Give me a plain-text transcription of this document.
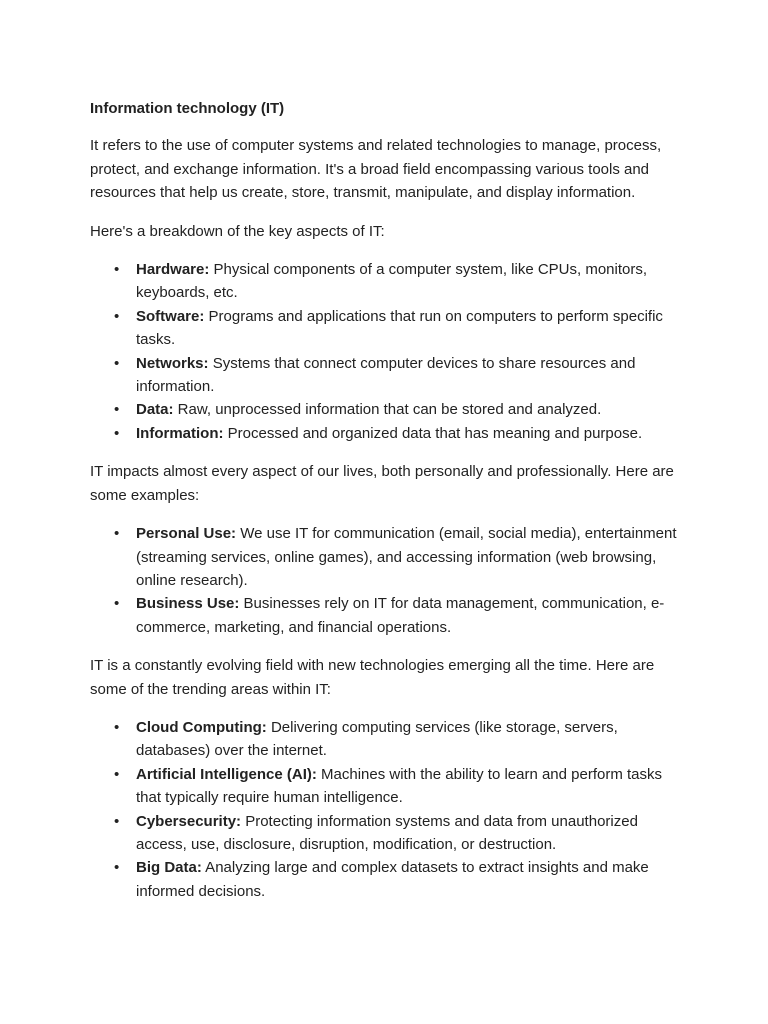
Information technology (IT)

It refers to the use of computer systems and related technologies to manage, process, protect, and exchange information. It's a broad field encompassing various tools and resources that help us create, store, transmit, manipulate, and display information.

Here's a breakdown of the key aspects of IT:

• Hardware: Physical components of a computer system, like CPUs, monitors, keyboards, etc.
• Software: Programs and applications that run on computers to perform specific tasks.
• Networks: Systems that connect computer devices to share resources and information.
• Data: Raw, unprocessed information that can be stored and analyzed.
• Information: Processed and organized data that has meaning and purpose.

IT impacts almost every aspect of our lives, both personally and professionally. Here are some examples:

• Personal Use: We use IT for communication (email, social media), entertainment (streaming services, online games), and accessing information (web browsing, online research).
• Business Use: Businesses rely on IT for data management, communication, e-commerce, marketing, and financial operations.

IT is a constantly evolving field with new technologies emerging all the time. Here are some of the trending areas within IT:

• Cloud Computing: Delivering computing services (like storage, servers, databases) over the internet.
• Artificial Intelligence (AI): Machines with the ability to learn and perform tasks that typically require human intelligence.
• Cybersecurity: Protecting information systems and data from unauthorized access, use, disclosure, disruption, modification, or destruction.
• Big Data: Analyzing large and complex datasets to extract insights and make informed decisions.
